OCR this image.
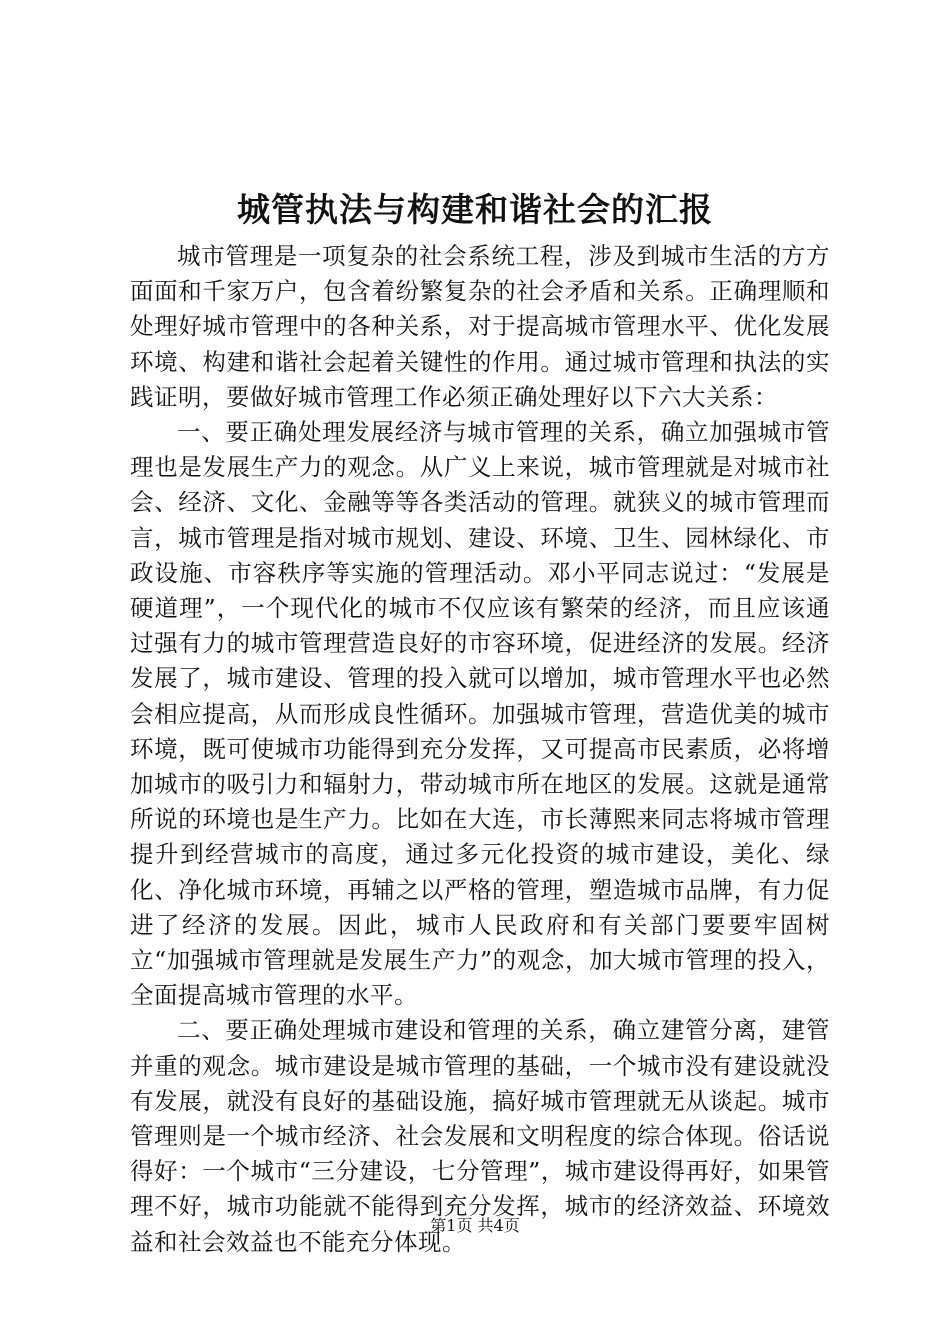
城管执法与构建和谐社会的汇报

城市管理是一项复杂的社会系统工程，涉及到城市生活的方方面面和千家万户，包含着纷繁复杂的社会矛盾和关系。正确理顺和处理好城市管理中的各种关系，对于提高城市管理水平、优化发展环境、构建和谐社会起着关键性的作用。通过城市管理和执法的实践证明，要做好城市管理工作必须正确处理好以下六大关系：

一、要正确处理发展经济与城市管理的关系，确立加强城市管理也是发展生产力的观念。从广义上来说，城市管理就是对城市社会、经济、文化、金融等等各类活动的管理。就狭义的城市管理而言，城市管理是指对城市规划、建设、环境、卫生、园林绿化、市政设施、市容秩序等实施的管理活动。邓小平同志说过：“发展是硬道理”，一个现代化的城市不仅应该有繁荣的经济，而且应该通过强有力的城市管理营造良好的市容环境，促进经济的发展。经济发展了，城市建设、管理的投入就可以增加，城市管理水平也必然会相应提高，从而形成良性循环。加强城市管理，营造优美的城市环境，既可使城市功能得到充分发挥，又可提高市民素质，必将增加城市的吸引力和辐射力，带动城市所在地区的发展。这就是通常所说的环境也是生产力。比如在大连，市长薄熙来同志将城市管理提升到经营城市的高度，通过多元化投资的城市建设，美化、绿化、净化城市环境，再辅之以严格的管理，塑造城市品牌，有力促进了经济的发展。因此，城市人民政府和有关部门要要牢固树立“加强城市管理就是发展生产力”的观念，加大城市管理的投入，全面提高城市管理的水平。

二、要正确处理城市建设和管理的关系，确立建管分离，建管并重的观念。城市建设是城市管理的基础，一个城市没有建设就没有发展，就没有良好的基础设施，搞好城市管理就无从谈起。城市管理则是一个城市经济、社会发展和文明程度的综合体现。俗话说得好：一个城市“三分建设，七分管理”，城市建设得再好，如果管理不好，城市功能就不能得到充分发挥，城市的经济效益、环境效益和社会效益也不能充分体现。

第1页 共4页
